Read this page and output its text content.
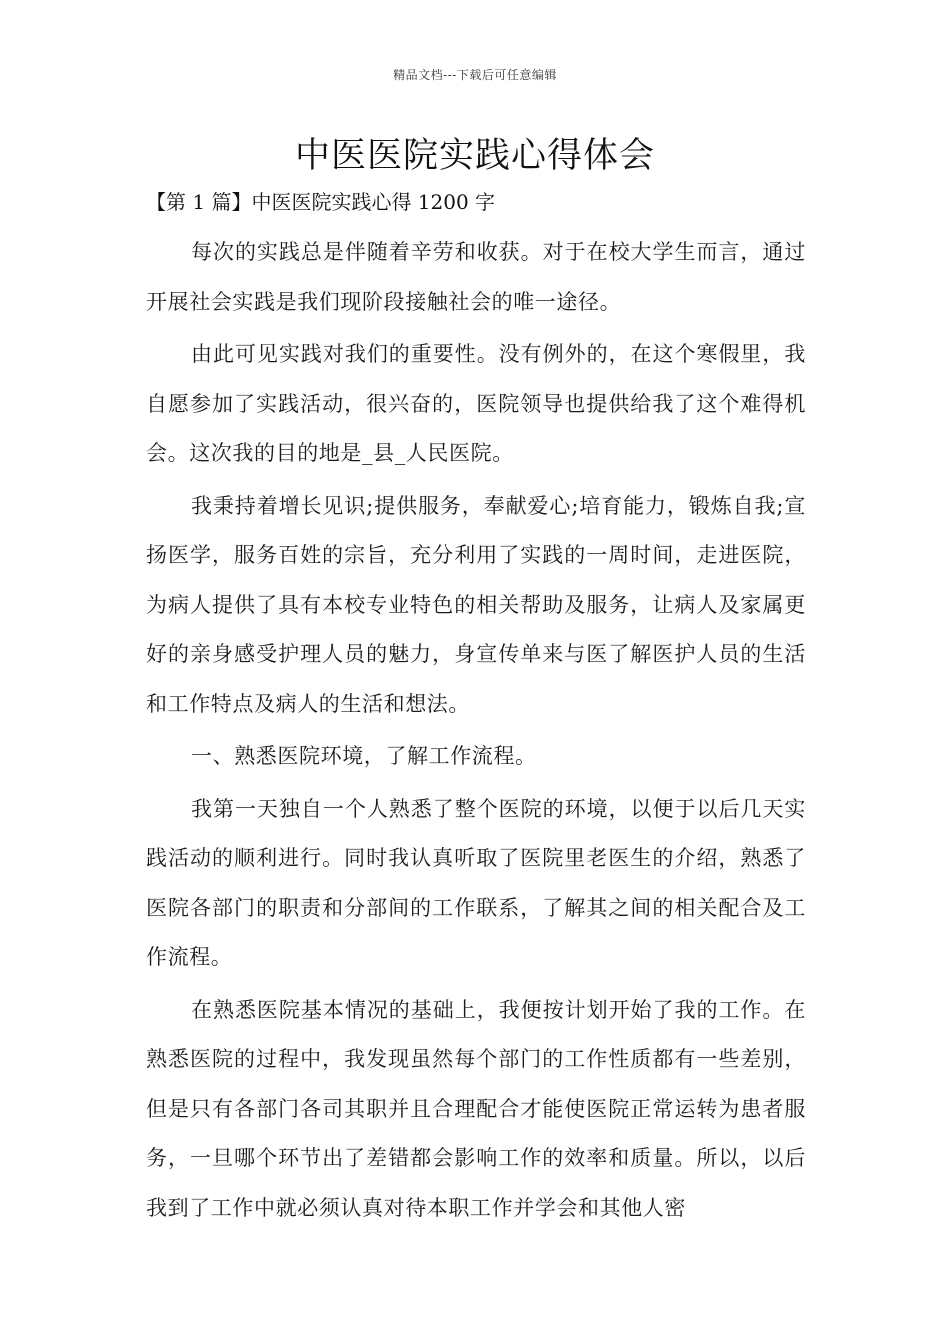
精品文档---下载后可任意编辑
中医医院实践心得体会
【第 1 篇】中医医院实践心得 1200 字

每次的实践总是伴随着辛劳和收获。对于在校大学生而言，通过开展社会实践是我们现阶段接触社会的唯一途径。

由此可见实践对我们的重要性。没有例外的，在这个寒假里，我自愿参加了实践活动，很兴奋的，医院领导也提供给我了这个难得机会。这次我的目的地是_县_人民医院。

我秉持着增长见识;提供服务，奉献爱心;培育能力，锻炼自我;宣扬医学，服务百姓的宗旨，充分利用了实践的一周时间，走进医院，为病人提供了具有本校专业特色的相关帮助及服务，让病人及家属更好的亲身感受护理人员的魅力，身宣传单来与医了解医护人员的生活和工作特点及病人的生活和想法。

一、熟悉医院环境，了解工作流程。

我第一天独自一个人熟悉了整个医院的环境，以便于以后几天实践活动的顺利进行。同时我认真听取了医院里老医生的介绍，熟悉了医院各部门的职责和分部间的工作联系，了解其之间的相关配合及工作流程。

在熟悉医院基本情况的基础上，我便按计划开始了我的工作。在熟悉医院的过程中，我发现虽然每个部门的工作性质都有一些差别，但是只有各部门各司其职并且合理配合才能使医院正常运转为患者服务，一旦哪个环节出了差错都会影响工作的效率和质量。所以，以后我到了工作中就必须认真对待本职工作并学会和其他人密
